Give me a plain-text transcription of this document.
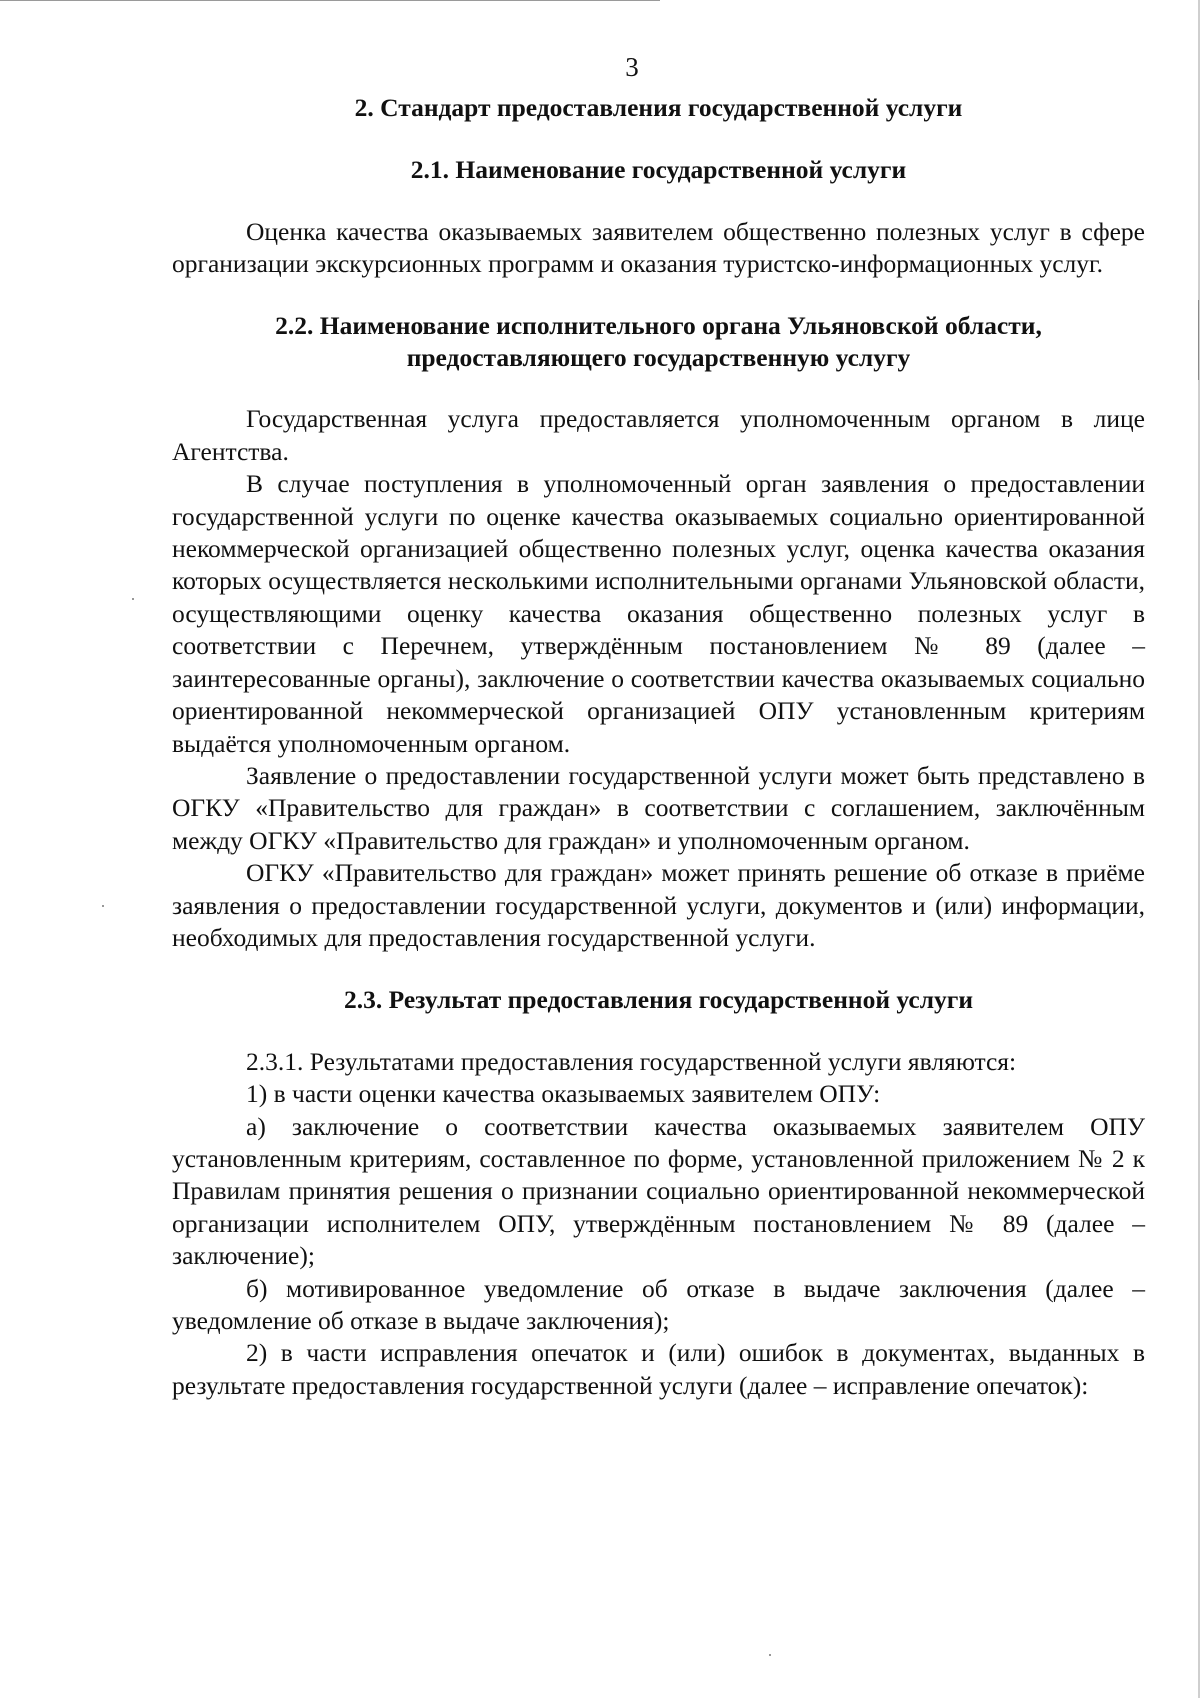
3

2. Стандарт предоставления государственной услуги

2.1. Наименование государственной услуги

Оценка качества оказываемых заявителем общественно полезных услуг в сфере организации экскурсионных программ и оказания туристско-информационных услуг.

2.2. Наименование исполнительного органа Ульяновской области,

предоставляющего государственную услугу

Государственная услуга предоставляется уполномоченным органом в лице Агентства.

В случае поступления в уполномоченный орган заявления о предоставлении государственной услуги по оценке качества оказываемых социально ориентированной некоммерческой организацией общественно полезных услуг, оценка качества оказания которых осуществляется несколькими исполнительными органами Ульяновской области, осуществляющими оценку качества оказания общественно полезных услуг в соответствии с Перечнем, утверждённым постановлением № 89 (далее – заинтересованные органы), заключение о соответствии качества оказываемых социально ориентированной некоммерческой организацией ОПУ установленным критериям выдаётся уполномоченным органом.

Заявление о предоставлении государственной услуги может быть представлено в ОГКУ «Правительство для граждан» в соответствии с соглашением, заключённым между ОГКУ «Правительство для граждан» и уполномоченным органом.

ОГКУ «Правительство для граждан» может принять решение об отказе в приёме заявления о предоставлении государственной услуги, документов и (или) информации, необходимых для предоставления государственной услуги.

2.3. Результат предоставления государственной услуги

2.3.1. Результатами предоставления государственной услуги являются:

1) в части оценки качества оказываемых заявителем ОПУ:

а) заключение о соответствии качества оказываемых заявителем ОПУ установленным критериям, составленное по форме, установленной приложением № 2 к Правилам принятия решения о признании социально ориентированной некоммерческой организации исполнителем ОПУ, утверждённым постановлением № 89 (далее – заключение);

б) мотивированное уведомление об отказе в выдаче заключения (далее – уведомление об отказе в выдаче заключения);

2) в части исправления опечаток и (или) ошибок в документах, выданных в результате предоставления государственной услуги (далее – исправление опечаток):
